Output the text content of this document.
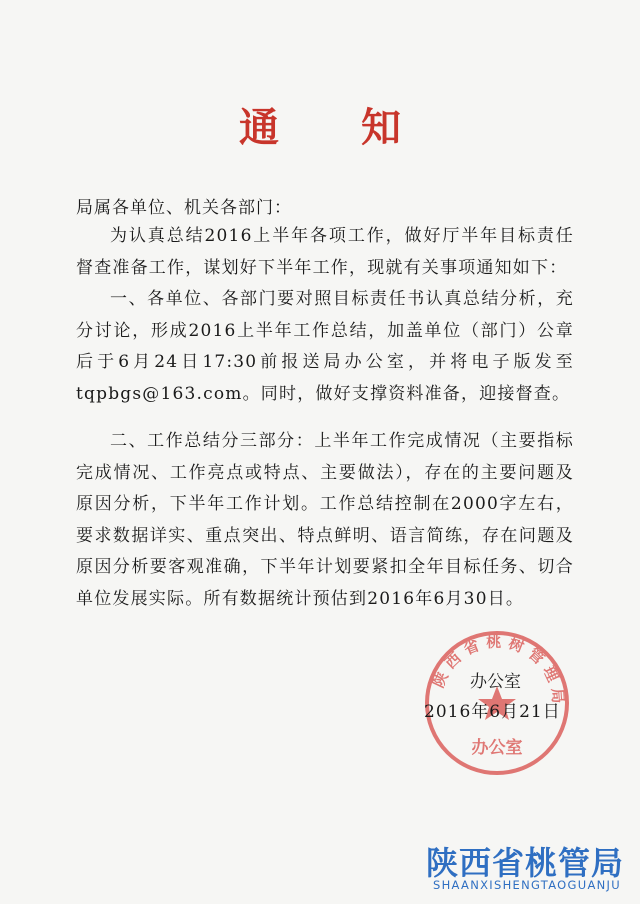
通 知
局属各单位、机关各部门：

为认真总结2016上半年各项工作，做好厅半年目标责任督查准备工作，谋划好下半年工作，现就有关事项通知如下：

一、各单位、各部门要对照目标责任书认真总结分析，充分讨论，形成2016上半年工作总结，加盖单位（部门）公章后于6月24日17:30前报送局办公室，并将电子版发至tqpbgs@163.com。同时，做好支撑资料准备，迎接督查。

二、工作总结分三部分：上半年工作完成情况（主要指标完成情况、工作亮点或特点、主要做法），存在的主要问题及原因分析，下半年工作计划。工作总结控制在2000字左右，要求数据详实、重点突出、特点鲜明、语言简练，存在问题及原因分析要客观准确，下半年计划要紧扣全年目标任务、切合单位发展实际。所有数据统计预估到2016年6月30日。

陕西省桃树管理局
办公室
办公室
2016年6月21日
陕西省桃管局
SHAANXISHENGTAOGUANJU
